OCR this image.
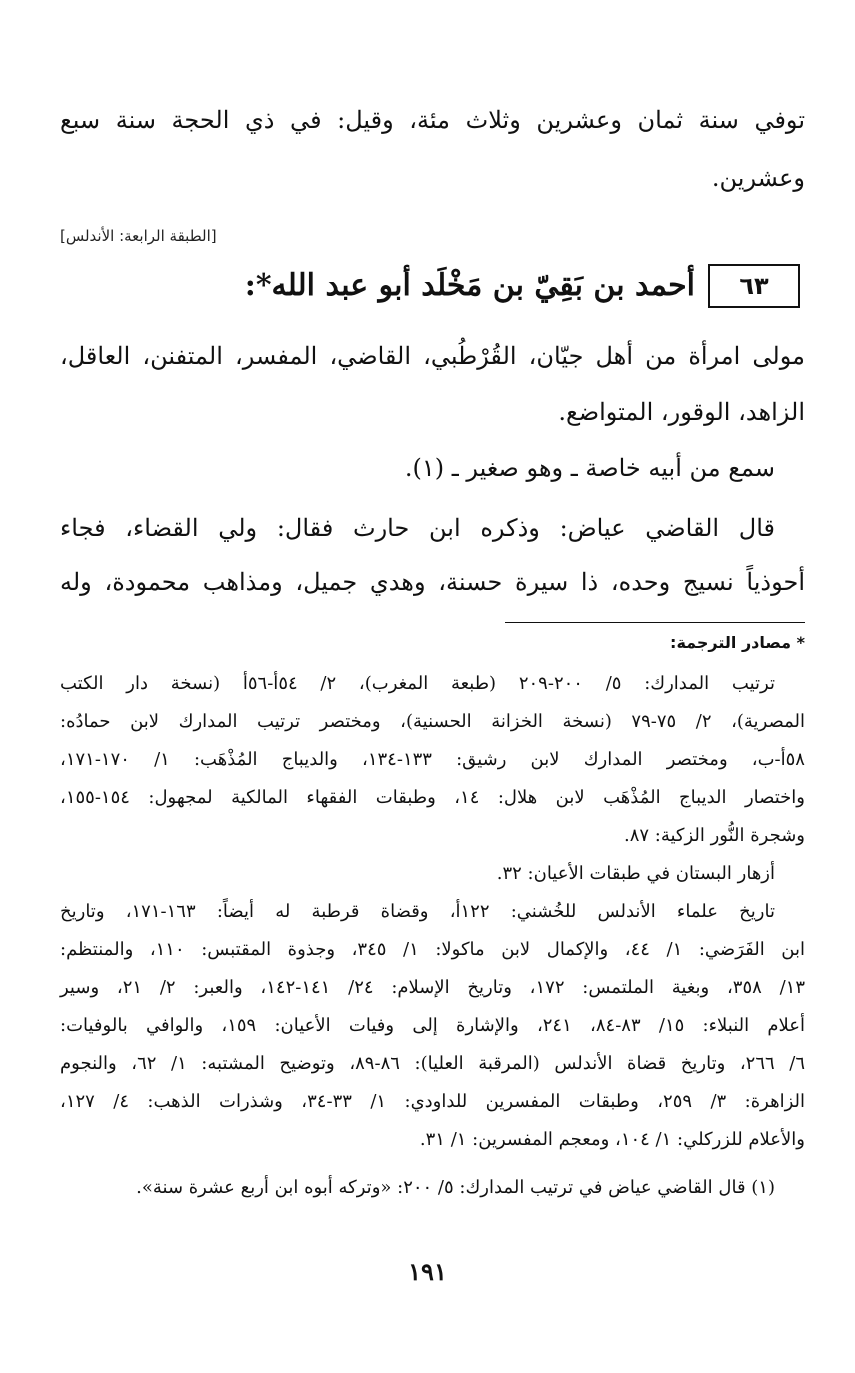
توفي سنة ثمان وعشرين وثلاث مئة، وقيل: في ذي الحجة سنة سبع
وعشرين.
[الطبقة الرابعة: الأندلس]
٦٣
أحمد بن بَقِيّ بن مَخْلَد أبو عبد الله*:
مولى امرأة من أهل جيّان، القُرْطُبي، القاضي، المفسر، المتفنن، العاقل،
الزاهد، الوقور، المتواضع.
سمع من أبيه خاصة ـ وهو صغير ـ (١).
قال القاضي عياض: وذكره ابن حارث فقال: ولي القضاء، فجاء
أحوذياً نسيج وحده، ذا سيرة حسنة، وهدي جميل، ومذاهب محمودة، وله
* مصادر الترجمة:
ترتيب المدارك: ٥/ ٢٠٠-٢٠٩ (طبعة المغرب)، ٢/ ٥٤أ-٥٦أ (نسخة دار الكتب
المصرية)، ٢/ ٧٥-٧٩ (نسخة الخزانة الحسنية)، ومختصر ترتيب المدارك لابن حمادُه:
٥٨أ-ب، ومختصر المدارك لابن رشيق: ١٣٣-١٣٤، والديباج المُذْهَب: ١/ ١٧٠-١٧١،
واختصار الديباج المُذْهَب لابن هلال: ١٤، وطبقات الفقهاء المالكية لمجهول: ١٥٤-١٥٥،
وشجرة النُّور الزكية: ٨٧.
أزهار البستان في طبقات الأعيان: ٣٢.
تاريخ علماء الأندلس للخُشني: ١٢٢أ، وقضاة قرطبة له أيضاً: ١٦٣-١٧١، وتاريخ
ابن الفَرَضي: ١/ ٤٤، والإكمال لابن ماكولا: ١/ ٣٤٥، وجذوة المقتبس: ١١٠، والمنتظم:
١٣/ ٣٥٨، وبغية الملتمس: ١٧٢، وتاريخ الإسلام: ٢٤/ ١٤١-١٤٢، والعبر: ٢/ ٢١، وسير
أعلام النبلاء: ١٥/ ٨٣-٨٤، ٢٤١، والإشارة إلى وفيات الأعيان: ١٥٩، والوافي بالوفيات:
٦/ ٢٦٦، وتاريخ قضاة الأندلس (المرقبة العليا): ٨٦-٨٩، وتوضيح المشتبه: ١/ ٦٢، والنجوم
الزاهرة: ٣/ ٢٥٩، وطبقات المفسرين للداودي: ١/ ٣٣-٣٤، وشذرات الذهب: ٤/ ١٢٧،
والأعلام للزركلي: ١/ ١٠٤، ومعجم المفسرين: ١/ ٣١.
(١) قال القاضي عياض في ترتيب المدارك: ٥/ ٢٠٠: «وتركه أبوه ابن أربع عشرة سنة».
١٩١
